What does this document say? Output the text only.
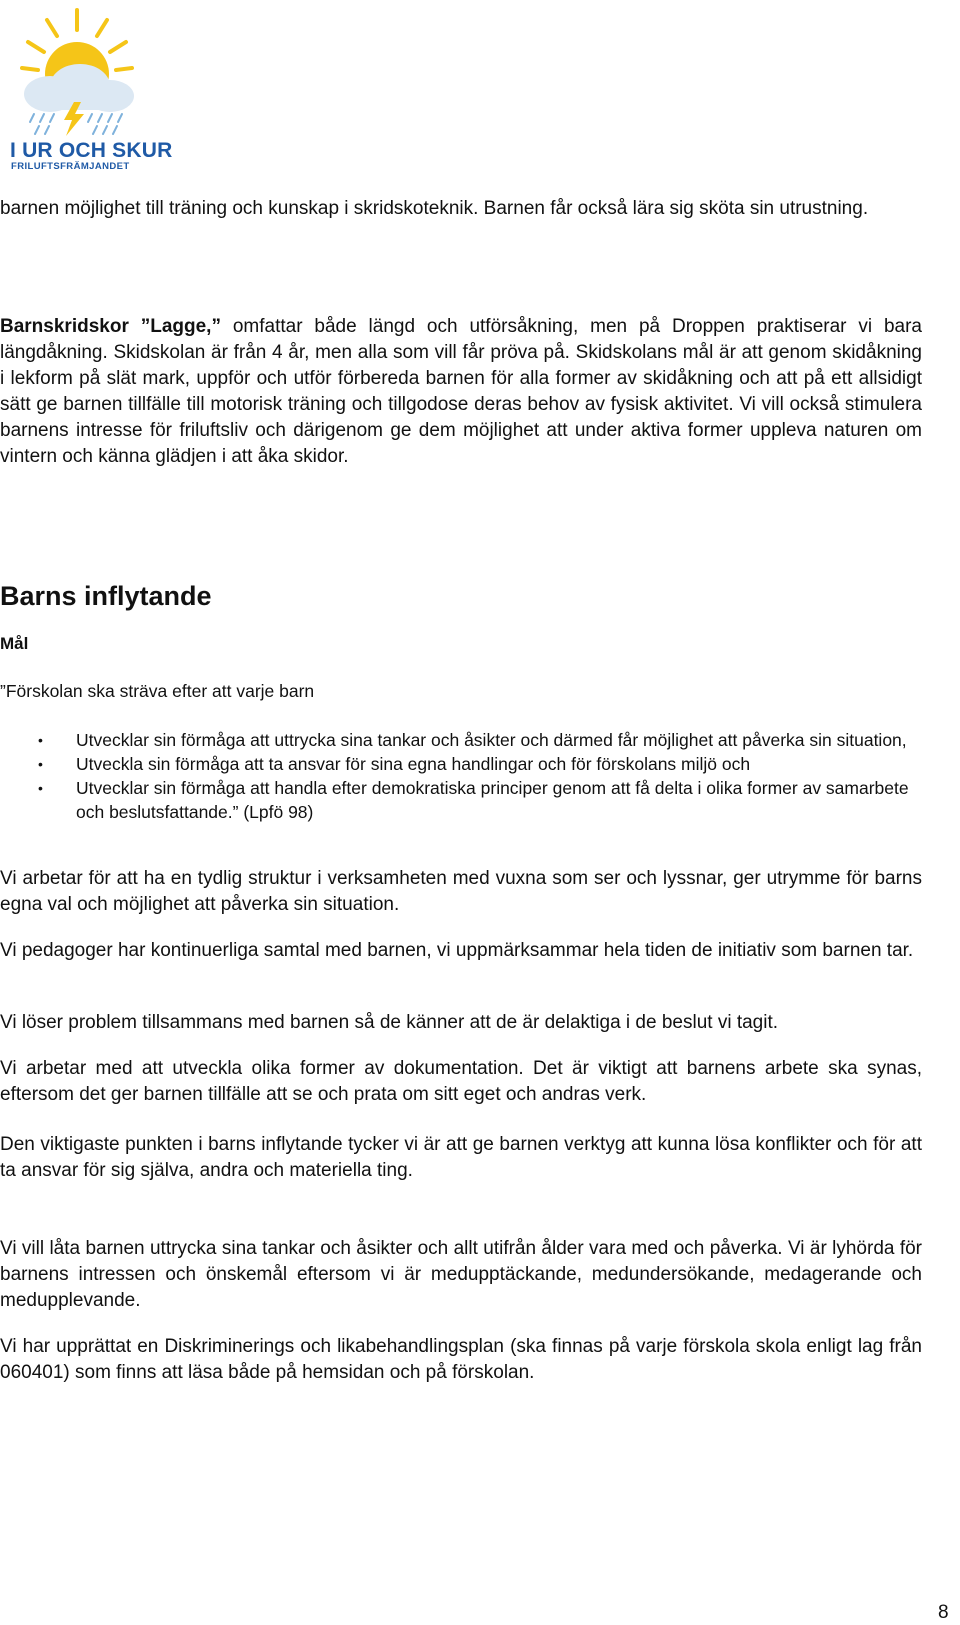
I UR OCH SKUR
FRILUFTSFRÄMJANDET

barnen möjlighet till träning och kunskap i skridskoteknik. Barnen får också lära sig sköta sin utrustning.

Barnskridskor ”Lagge,” omfattar både längd och utförsåkning, men på Droppen praktiserar vi bara längdåkning. Skidskolan är från 4 år, men alla som vill får pröva på. Skidskolans mål är att genom skidåkning i lekform på slät mark, uppför och utför förbereda barnen för alla former av skidåkning och att på ett allsidigt sätt ge barnen tillfälle till motorisk träning och tillgodose deras behov av fysisk aktivitet. Vi vill också stimulera barnens intresse för friluftsliv och därigenom ge dem möjlighet att under aktiva former uppleva naturen om vintern och känna glädjen i att åka skidor.

Barns inflytande
Mål
”Förskolan ska sträva efter att varje barn
• Utvecklar sin förmåga att uttrycka sina tankar och åsikter och därmed får möjlighet att påverka sin situation,
• Utveckla sin förmåga att ta ansvar för sina egna handlingar och för förskolans miljö och
• Utvecklar sin förmåga att handla efter demokratiska principer genom att få delta i olika former av samarbete och beslutsfattande.” (Lpfö 98)

Vi arbetar för att ha en tydlig struktur i verksamheten med vuxna som ser och lyssnar, ger utrymme för barns egna val och möjlighet att påverka sin situation.

Vi pedagoger har kontinuerliga samtal med barnen, vi uppmärksammar hela tiden de initiativ som barnen tar.

Vi löser problem tillsammans med barnen så de känner att de är delaktiga i de beslut vi tagit.

Vi arbetar med att utveckla olika former av dokumentation. Det är viktigt att barnens arbete ska synas, eftersom det ger barnen tillfälle att se och prata om sitt eget och andras verk.

Den viktigaste punkten i barns inflytande tycker vi är att ge barnen verktyg att kunna lösa konflikter och för att ta ansvar för sig själva, andra och materiella ting.

Vi vill låta barnen uttrycka sina tankar och åsikter och allt utifrån ålder vara med och påverka. Vi är lyhörda för barnens intressen och önskemål eftersom vi är medupptäckande, medundersökande, medagerande och medupplevande.

Vi har upprättat en Diskriminerings och likabehandlingsplan (ska finnas på varje förskola skola enligt lag från 060401) som finns att läsa både på hemsidan och på förskolan.

8
